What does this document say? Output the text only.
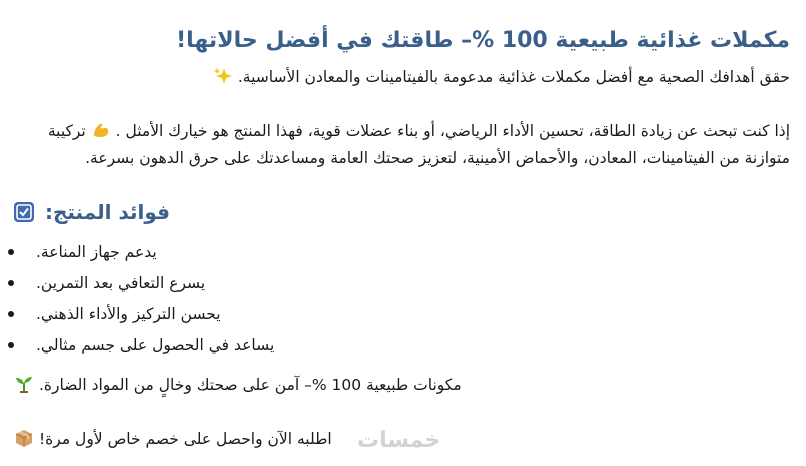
مكملات غذائية طبيعية 100 %– طاقتك في أفضل حالاتها!
حقق أهدافك الصحية مع أفضل مكملات غذائية مدعومة بالفيتامينات والمعادن الأساسية.
إذا كنت تبحث عن زيادة الطاقة، تحسين الأداء الرياضي، أو بناء عضلات قوية، فهذا المنتج هو خيارك الأمثل .  تركيبة
متوازنة من الفيتامينات، المعادن، والأحماض الأمينية، لتعزيز صحتك العامة ومساعدتك على حرق الدهون بسرعة.
فوائد المنتج:
يدعم جهاز المناعة.
يسرع التعافي بعد التمرين.
يحسن التركيز والأداء الذهني.
يساعد في الحصول على جسم مثالي.
مكونات طبيعية 100 %– آمن على صحتك وخالٍ من المواد الضارة.
اطلبه الآن واحصل على خصم خاص لأول مرة! خمسات
